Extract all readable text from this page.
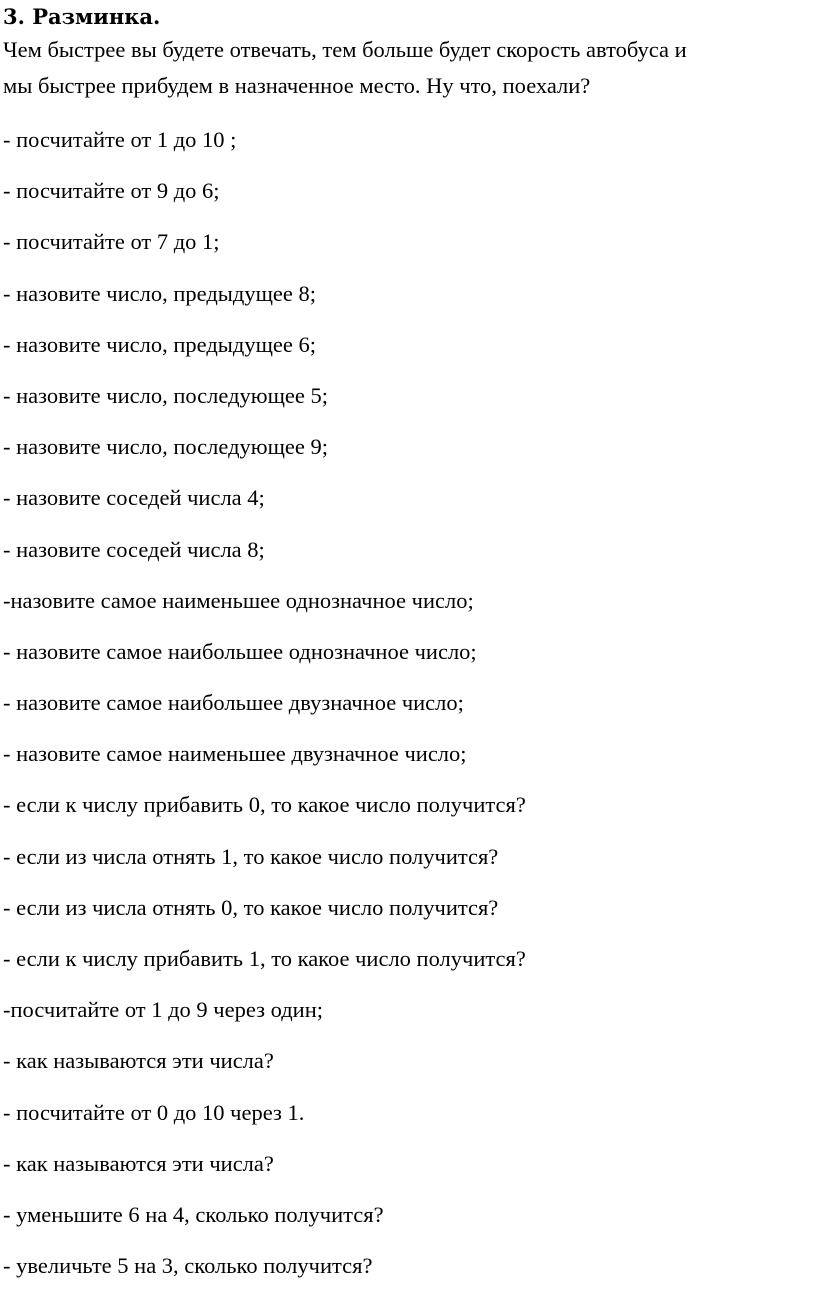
3. Разминка.

Чем быстрее вы будете отвечать, тем больше будет скорость автобуса и
мы быстрее прибудем в назначенное место. Ну что, поехали?

- посчитайте от 1 до 10 ;
- посчитайте от 9 до 6;
- посчитайте от 7 до 1;
- назовите число, предыдущее 8;
- назовите число, предыдущее 6;
- назовите число, последующее 5;
- назовите число, последующее 9;
- назовите соседей числа 4;
- назовите соседей числа 8;
-назовите самое наименьшее однозначное число;
- назовите самое наибольшее однозначное число;
- назовите самое наибольшее двузначное число;
- назовите самое наименьшее двузначное число;
- если к числу прибавить 0, то какое число получится?
- если из числа отнять 1, то какое число получится?
- если из числа отнять 0, то какое число получится?
- если к числу прибавить 1, то какое число получится?
-посчитайте от 1 до 9 через один;
- как называются эти числа?
- посчитайте от 0 до 10 через 1.
- как называются эти числа?
- уменьшите 6 на 4, сколько получится?
- увеличьте 5 на 3, сколько получится?
